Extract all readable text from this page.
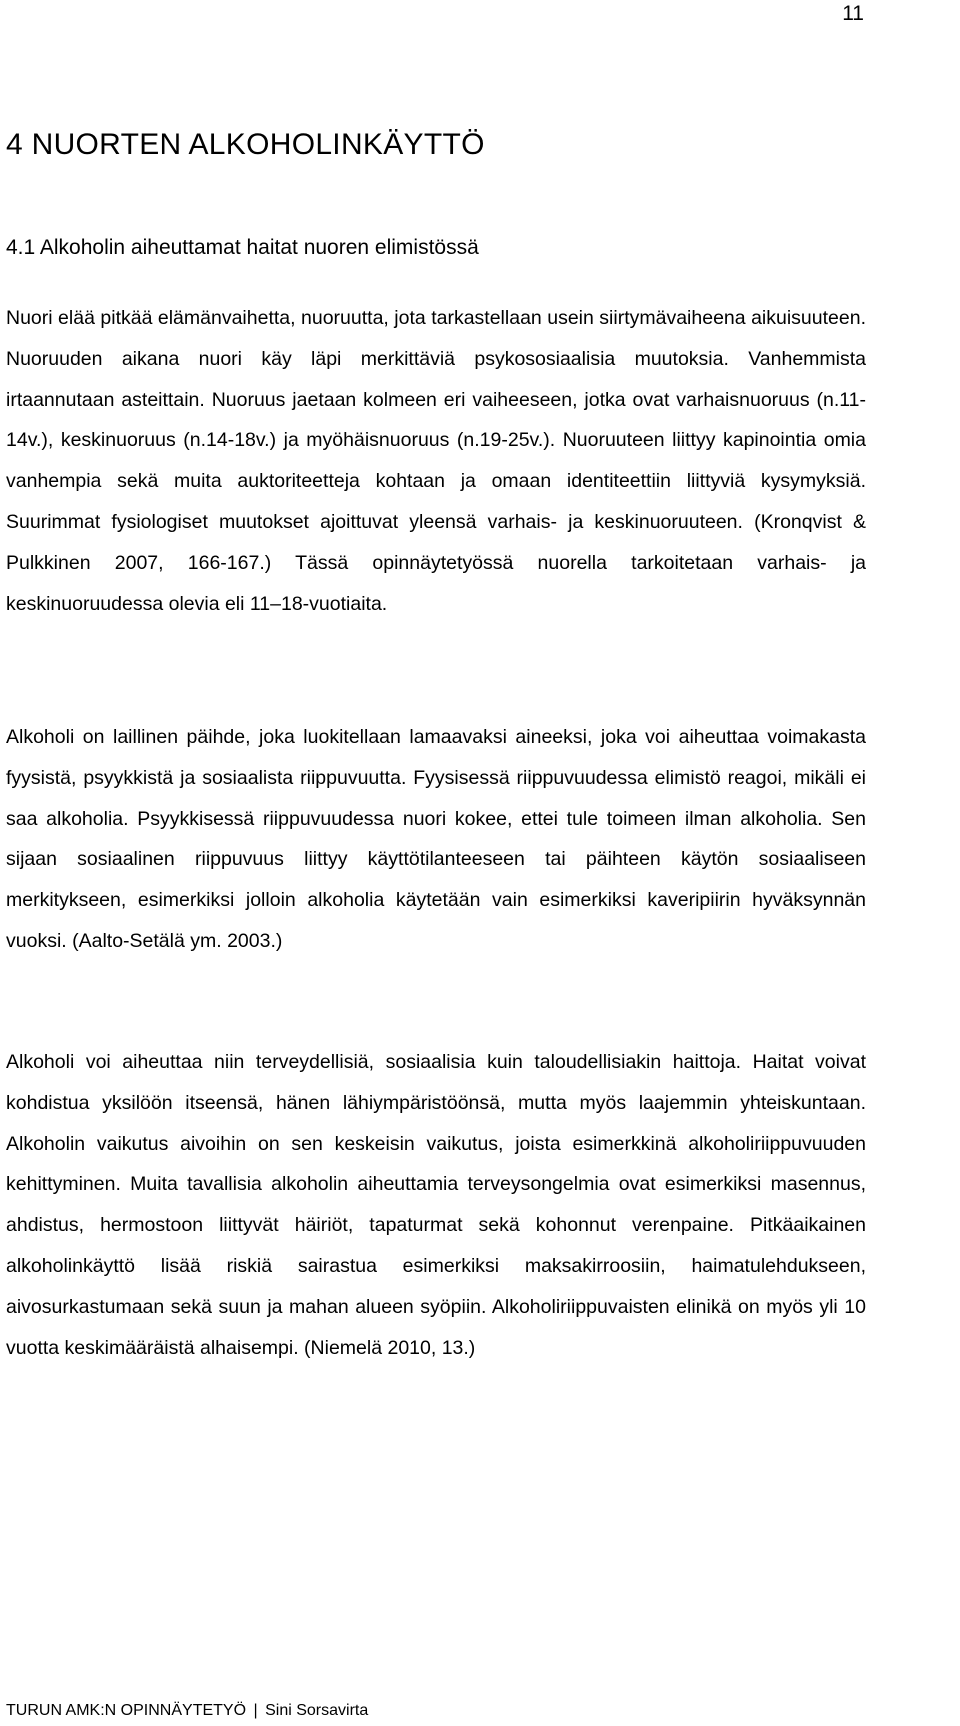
11
4 NUORTEN ALKOHOLINKÄYTTÖ
4.1 Alkoholin aiheuttamat haitat nuoren elimistössä

Nuori elää pitkää elämänvaihetta, nuoruutta, jota tarkastellaan usein siirtymävaiheena aikuisuuteen. Nuoruuden aikana nuori käy läpi merkittäviä psykososiaalisia muutoksia. Vanhemmista irtaannutaan asteittain. Nuoruus jaetaan kolmeen eri vaiheeseen, jotka ovat varhaisnuoruus (n.11-14v.), keskinuoruus (n.14-18v.) ja myöhäisnuoruus (n.19-25v.). Nuoruuteen liittyy kapinointia omia vanhempia sekä muita auktoriteetteja kohtaan ja omaan identiteettiin liittyviä kysymyksiä. Suurimmat fysiologiset muutokset ajoittuvat yleensä varhais- ja keskinuoruuteen. (Kronqvist & Pulkkinen 2007, 166-167.) Tässä opinnäytetyössä nuorella tarkoitetaan varhais- ja keskinuoruudessa olevia eli 11–18-vuotiaita.

Alkoholi on laillinen päihde, joka luokitellaan lamaavaksi aineeksi, joka voi aiheuttaa voimakasta fyysistä, psyykkistä ja sosiaalista riippuvuutta. Fyysisessä riippuvuudessa elimistö reagoi, mikäli ei saa alkoholia. Psyykkisessä riippuvuudessa nuori kokee, ettei tule toimeen ilman alkoholia. Sen sijaan sosiaalinen riippuvuus liittyy käyttötilanteeseen tai päihteen käytön sosiaaliseen merkitykseen, esimerkiksi jolloin alkoholia käytetään vain esimerkiksi kaveripiirin hyväksynnän vuoksi. (Aalto-Setälä ym. 2003.)

Alkoholi voi aiheuttaa niin terveydellisiä, sosiaalisia kuin taloudellisiakin haittoja. Haitat voivat kohdistua yksilöön itseensä, hänen lähiympäristöönsä, mutta myös laajemmin yhteiskuntaan. Alkoholin vaikutus aivoihin on sen keskeisin vaikutus, joista esimerkkinä alkoholiriippuvuuden kehittyminen. Muita tavallisia alkoholin aiheuttamia terveysongelmia ovat esimerkiksi masennus, ahdistus, hermostoon liittyvät häiriöt, tapaturmat sekä kohonnut verenpaine. Pitkäaikainen alkoholinkäyttö lisää riskiä sairastua esimerkiksi maksakirroosiin, haimatulehdukseen, aivosurkastumaan sekä suun ja mahan alueen syöpiin. Alkoholiriippuvaisten elinikä on myös yli 10 vuotta keskimääräistä alhaisempi. (Niemelä 2010, 13.)

TURUN AMK:N OPINNÄYTETYÖ | Sini Sorsavirta
